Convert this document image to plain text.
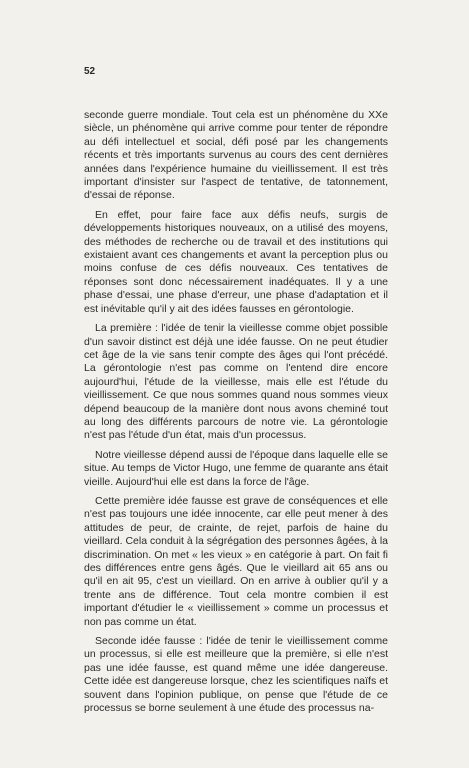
52

seconde guerre mondiale. Tout cela est un phénomène du XXe siècle, un phénomène qui arrive comme pour tenter de répondre au défi intellectuel et social, défi posé par les changements récents et très importants survenus au cours des cent dernières années dans l'expérience humaine du vieillissement. Il est très important d'insister sur l'aspect de tentative, de tatonnement, d'essai de réponse.

En effet, pour faire face aux défis neufs, surgis de développements historiques nouveaux, on a utilisé des moyens, des méthodes de recherche ou de travail et des institutions qui existaient avant ces changements et avant la perception plus ou moins confuse de ces défis nouveaux. Ces tentatives de réponses sont donc nécessairement inadéquates. Il y a une phase d'essai, une phase d'erreur, une phase d'adaptation et il est inévitable qu'il y ait des idées fausses en gérontologie.

La première : l'idée de tenir la vieillesse comme objet possible d'un savoir distinct est déjà une idée fausse. On ne peut étudier cet âge de la vie sans tenir compte des âges qui l'ont précédé. La gérontologie n'est pas comme on l'entend dire encore aujourd'hui, l'étude de la vieillesse, mais elle est l'étude du vieillissement. Ce que nous sommes quand nous sommes vieux dépend beaucoup de la manière dont nous avons cheminé tout au long des différents parcours de notre vie. La gérontologie n'est pas l'étude d'un état, mais d'un processus.

Notre vieillesse dépend aussi de l'époque dans laquelle elle se situe. Au temps de Victor Hugo, une femme de quarante ans était vieille. Aujourd'hui elle est dans la force de l'âge.

Cette première idée fausse est grave de conséquences et elle n'est pas toujours une idée innocente, car elle peut mener à des attitudes de peur, de crainte, de rejet, parfois de haine du vieillard. Cela conduit à la ségrégation des personnes âgées, à la discrimination. On met « les vieux » en catégorie à part. On fait fi des différences entre gens âgés. Que le vieillard ait 65 ans ou qu'il en ait 95, c'est un vieillard. On en arrive à oublier qu'il y a trente ans de différence. Tout cela montre combien il est important d'étudier le « vieillissement » comme un processus et non pas comme un état.

Seconde idée fausse : l'idée de tenir le vieillissement comme un processus, si elle est meilleure que la première, si elle n'est pas une idée fausse, est quand même une idée dangereuse. Cette idée est dangereuse lorsque, chez les scientifiques naïfs et souvent dans l'opinion publique, on pense que l'étude de ce processus se borne seulement à une étude des processus na-
